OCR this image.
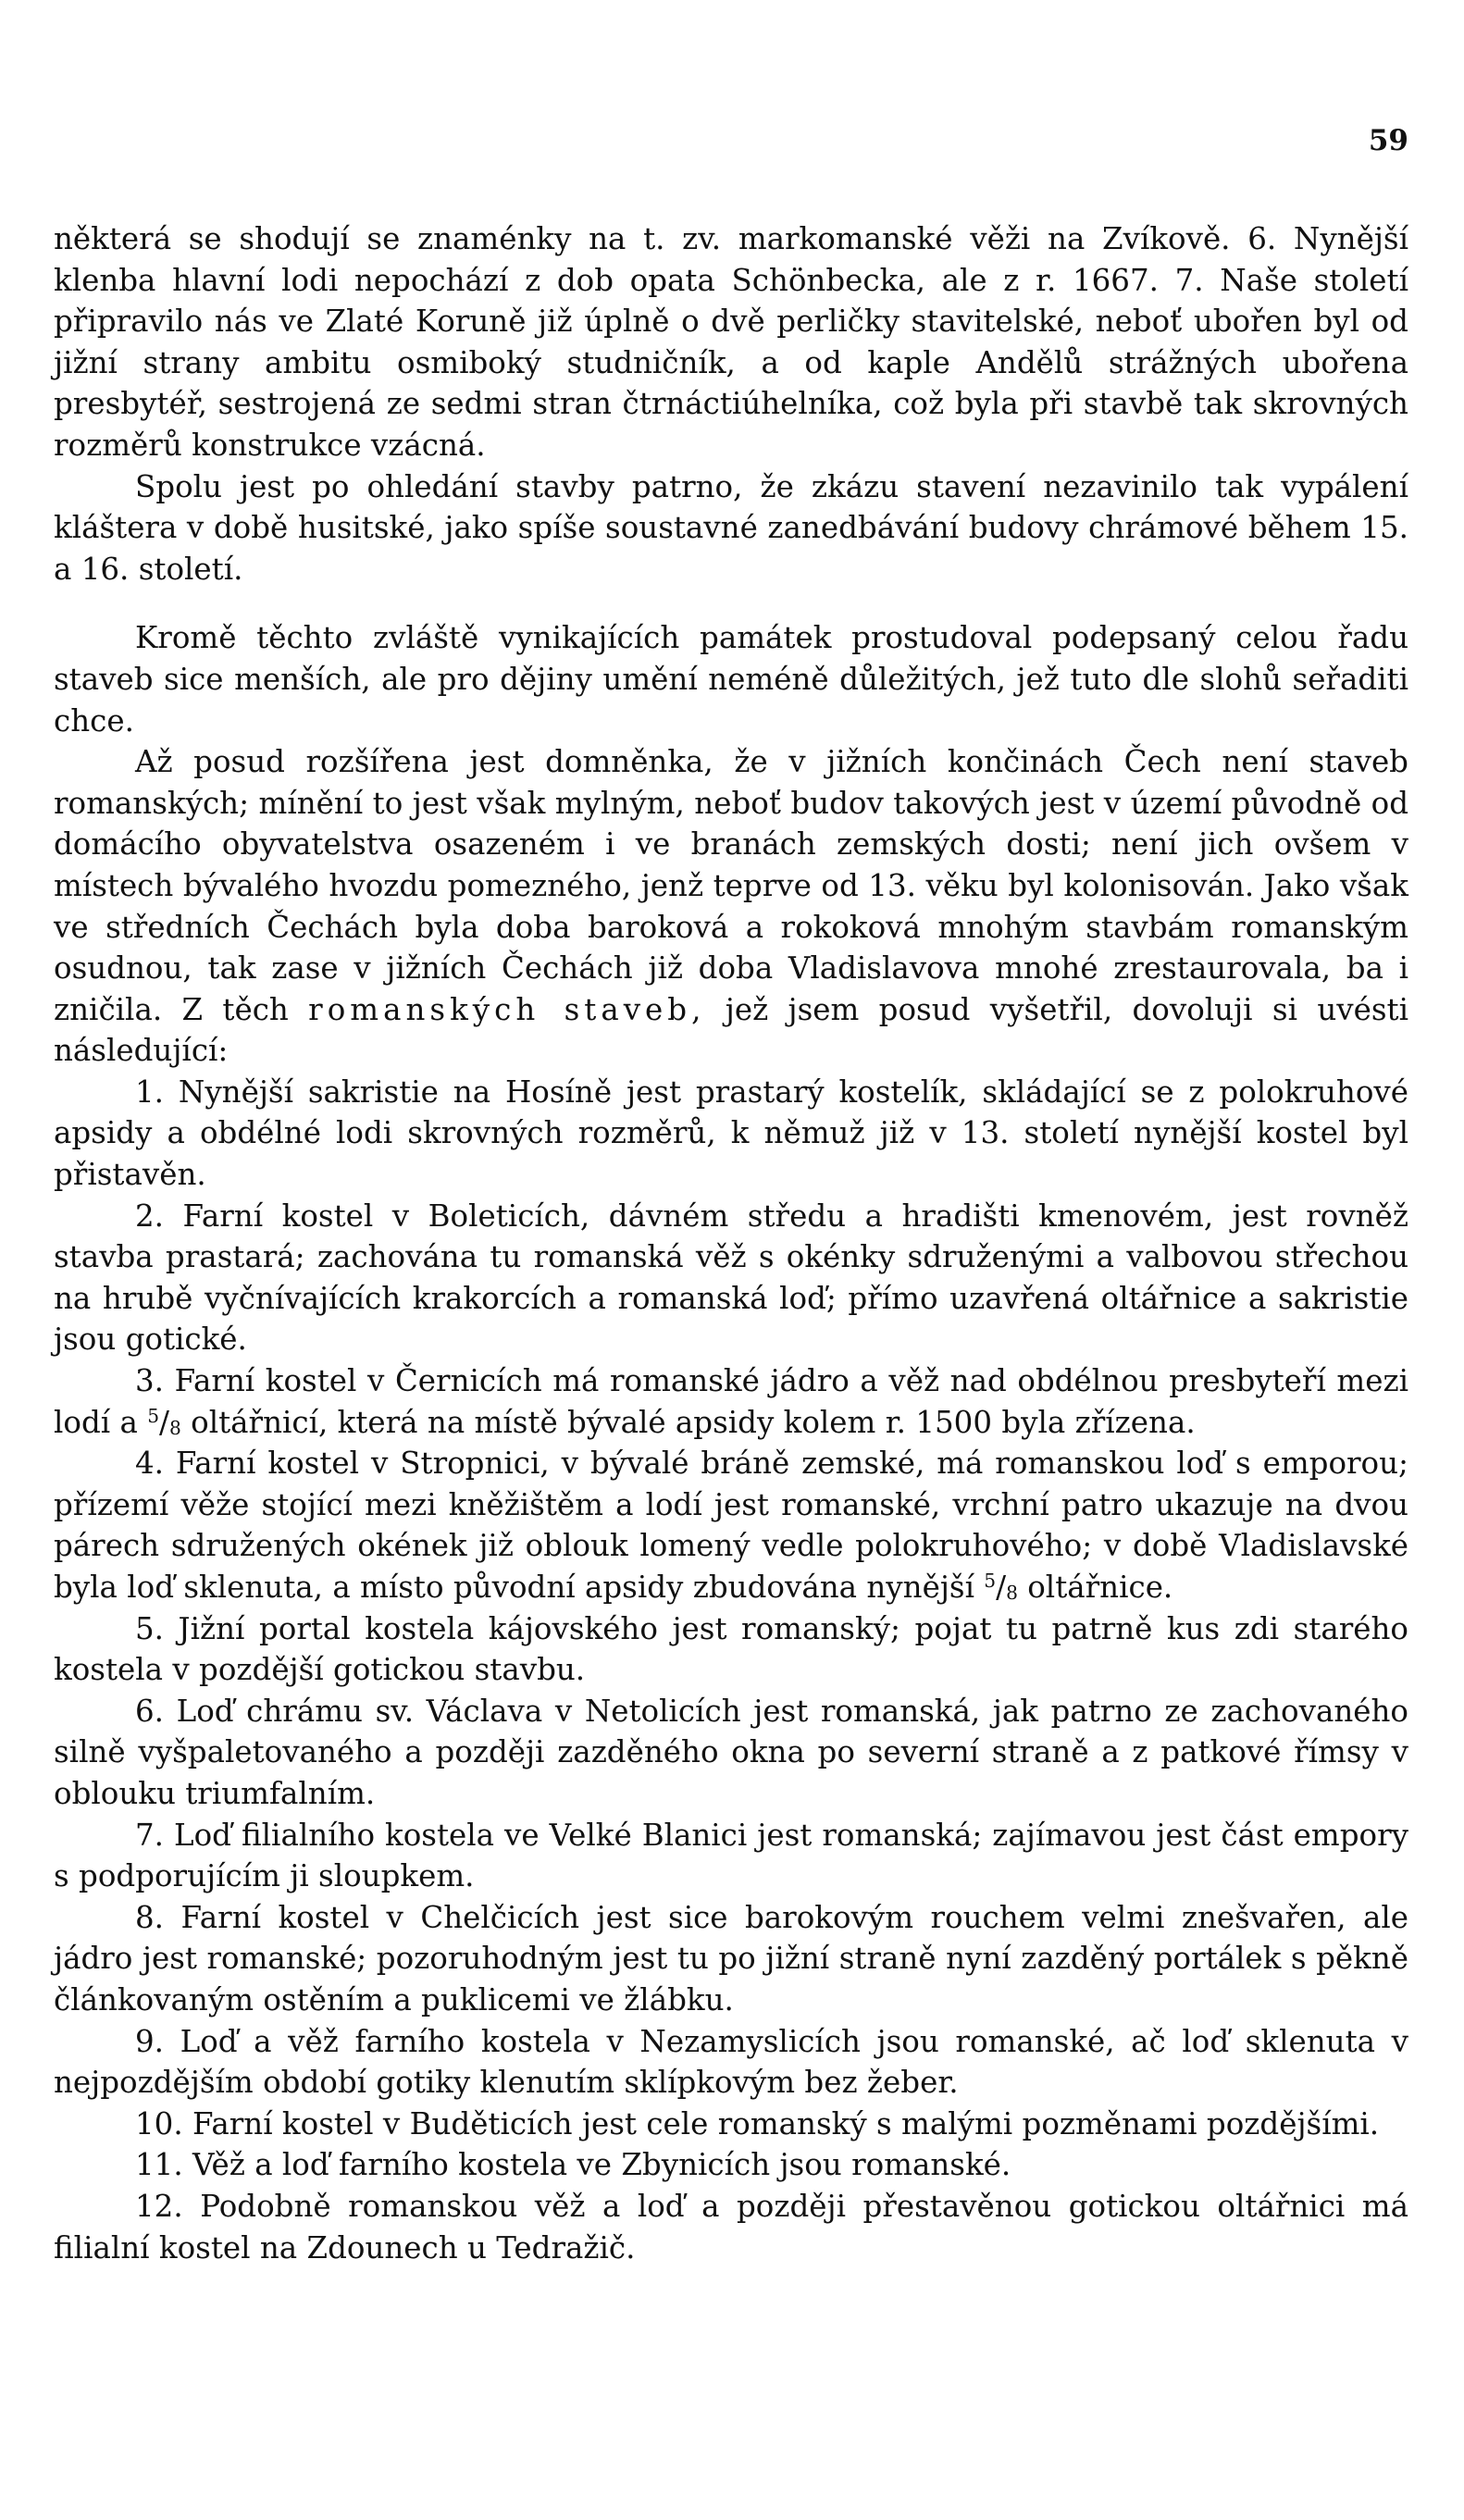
59

některá se shodují se znaménky na t. zv. markomanské věži na Zvíkově. 6. Nynější klenba hlavní lodi nepochází z dob opata Schönbecka, ale z r. 1667. 7. Naše století připravilo nás ve Zlaté Koruně již úplně o dvě perličky stavitelské, neboť ubořen byl od jižní strany ambitu osmiboký studničník, a od kaple Andělů strážných ubořena presbytéř, sestrojená ze sedmi stran čtrnáctiúhelníka, což byla při stavbě tak skrovných rozměrů konstrukce vzácná.

Spolu jest po ohledání stavby patrno, že zkázu stavení nezavinilo tak vypálení kláštera v době husitské, jako spíše soustavné zanedbávání budovy chrámové během 15. a 16. století.

Kromě těchto zvláště vynikajících památek prostudoval podepsaný celou řadu staveb sice menších, ale pro dějiny umění neméně důležitých, jež tuto dle slohů seřaditi chce.

Až posud rozšířena jest domněnka, že v jižních končinách Čech není staveb romanských; mínění to jest však mylným, neboť budov takových jest v území původně od domácího obyvatelstva osazeném i ve branách zemských dosti; není jich ovšem v místech bývalého hvozdu pomezného, jenž teprve od 13. věku byl kolonisován. Jako však ve středních Čechách byla doba baroková a rokoková mnohým stavbám romanským osudnou, tak zase v jižních Čechách již doba Vladislavova mnohé zrestaurovala, ba i zničila. Z těch romanských staveb, jež jsem posud vyšetřil, dovoluji si uvésti následující:

1. Nynější sakristie na Hosíně jest prastarý kostelík, skládající se z polokruhové apsidy a obdélné lodi skrovných rozměrů, k němuž již v 13. století nynější kostel byl přistavěn.

2. Farní kostel v Boleticích, dávném středu a hradišti kmenovém, jest rovněž stavba prastará; zachována tu romanská věž s okénky sdruženými a valbovou střechou na hrubě vyčnívajících krakorcích a romanská loď; přímo uzavřená oltářnice a sakristie jsou gotické.

3. Farní kostel v Černicích má romanské jádro a věž nad obdélnou presbyteří mezi lodí a $^5/_8$ oltářnicí, která na místě bývalé apsidy kolem r. 1500 byla zřízena.

4. Farní kostel v Stropnici, v bývalé bráně zemské, má romanskou loď s emporou; přízemí věže stojící mezi kněžištěm a lodí jest romanské, vrchní patro ukazuje na dvou párech sdružených okének již oblouk lomený vedle polokruhového; v době Vladislavské byla loď sklenuta, a místo původní apsidy zbudována nynější $^5/_8$ oltářnice.

5. Jižní portal kostela kájovského jest romanský; pojat tu patrně kus zdi starého kostela v pozdější gotickou stavbu.

6. Loď chrámu sv. Václava v Netolicích jest romanská, jak patrno ze zachovaného silně vyšpaletovaného a později zazděného okna po severní straně a z patkové římsy v oblouku triumfalním.

7. Loď filialního kostela ve Velké Blanici jest romanská; zajímavou jest část empory s podporujícím ji sloupkem.

8. Farní kostel v Chelčicích jest sice barokovým rouchem velmi znešvařen, ale jádro jest romanské; pozoruhodným jest tu po jižní straně nyní zazděný portálek s pěkně článkovaným ostěním a puklicemi ve žlábku.

9. Loď a věž farního kostela v Nezamyslicích jsou romanské, ač loď sklenuta v nejpozdějším období gotiky klenutím sklípkovým bez žeber.

10. Farní kostel v Buděticích jest cele romanský s malými pozměnami pozdějšími.

11. Věž a loď farního kostela ve Zbynicích jsou romanské.

12. Podobně romanskou věž a loď a později přestavěnou gotickou oltářnici má filialní kostel na Zdounech u Tedražič.
